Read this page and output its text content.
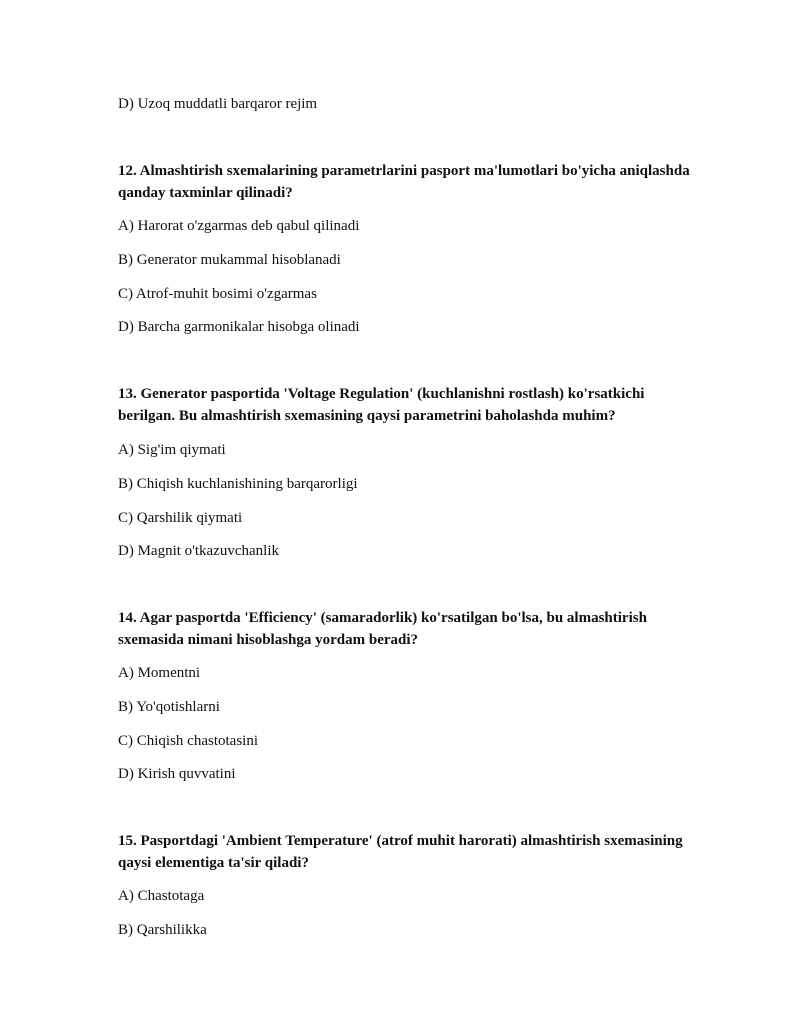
D) Uzoq muddatli barqaror rejim
12. Almashtirish sxemalarining parametrlarini pasport ma'lumotlari bo'yicha aniqlashda qanday taxminlar qilinadi?
A) Harorat o'zgarmas deb qabul qilinadi
B) Generator mukammal hisoblanadi
C) Atrof-muhit bosimi o'zgarmas
D) Barcha garmonikalar hisobga olinadi
13. Generator pasportida 'Voltage Regulation' (kuchlanishni rostlash) ko'rsatkichi berilgan. Bu almashtirish sxemasining qaysi parametrini baholashda muhim?
A) Sig'im qiymati
B) Chiqish kuchlanishining barqarorligi
C) Qarshilik qiymati
D) Magnit o'tkazuvchanlik
14. Agar pasportda 'Efficiency' (samaradorlik) ko'rsatilgan bo'lsa, bu almashtirish sxemasida nimani hisoblashga yordam beradi?
A) Momentni
B) Yo'qotishlarni
C) Chiqish chastotasini
D) Kirish quvvatini
15. Pasportdagi 'Ambient Temperature' (atrof muhit harorati) almashtirish sxemasining qaysi elementiga ta'sir qiladi?
A) Chastotaga
B) Qarshilikka
